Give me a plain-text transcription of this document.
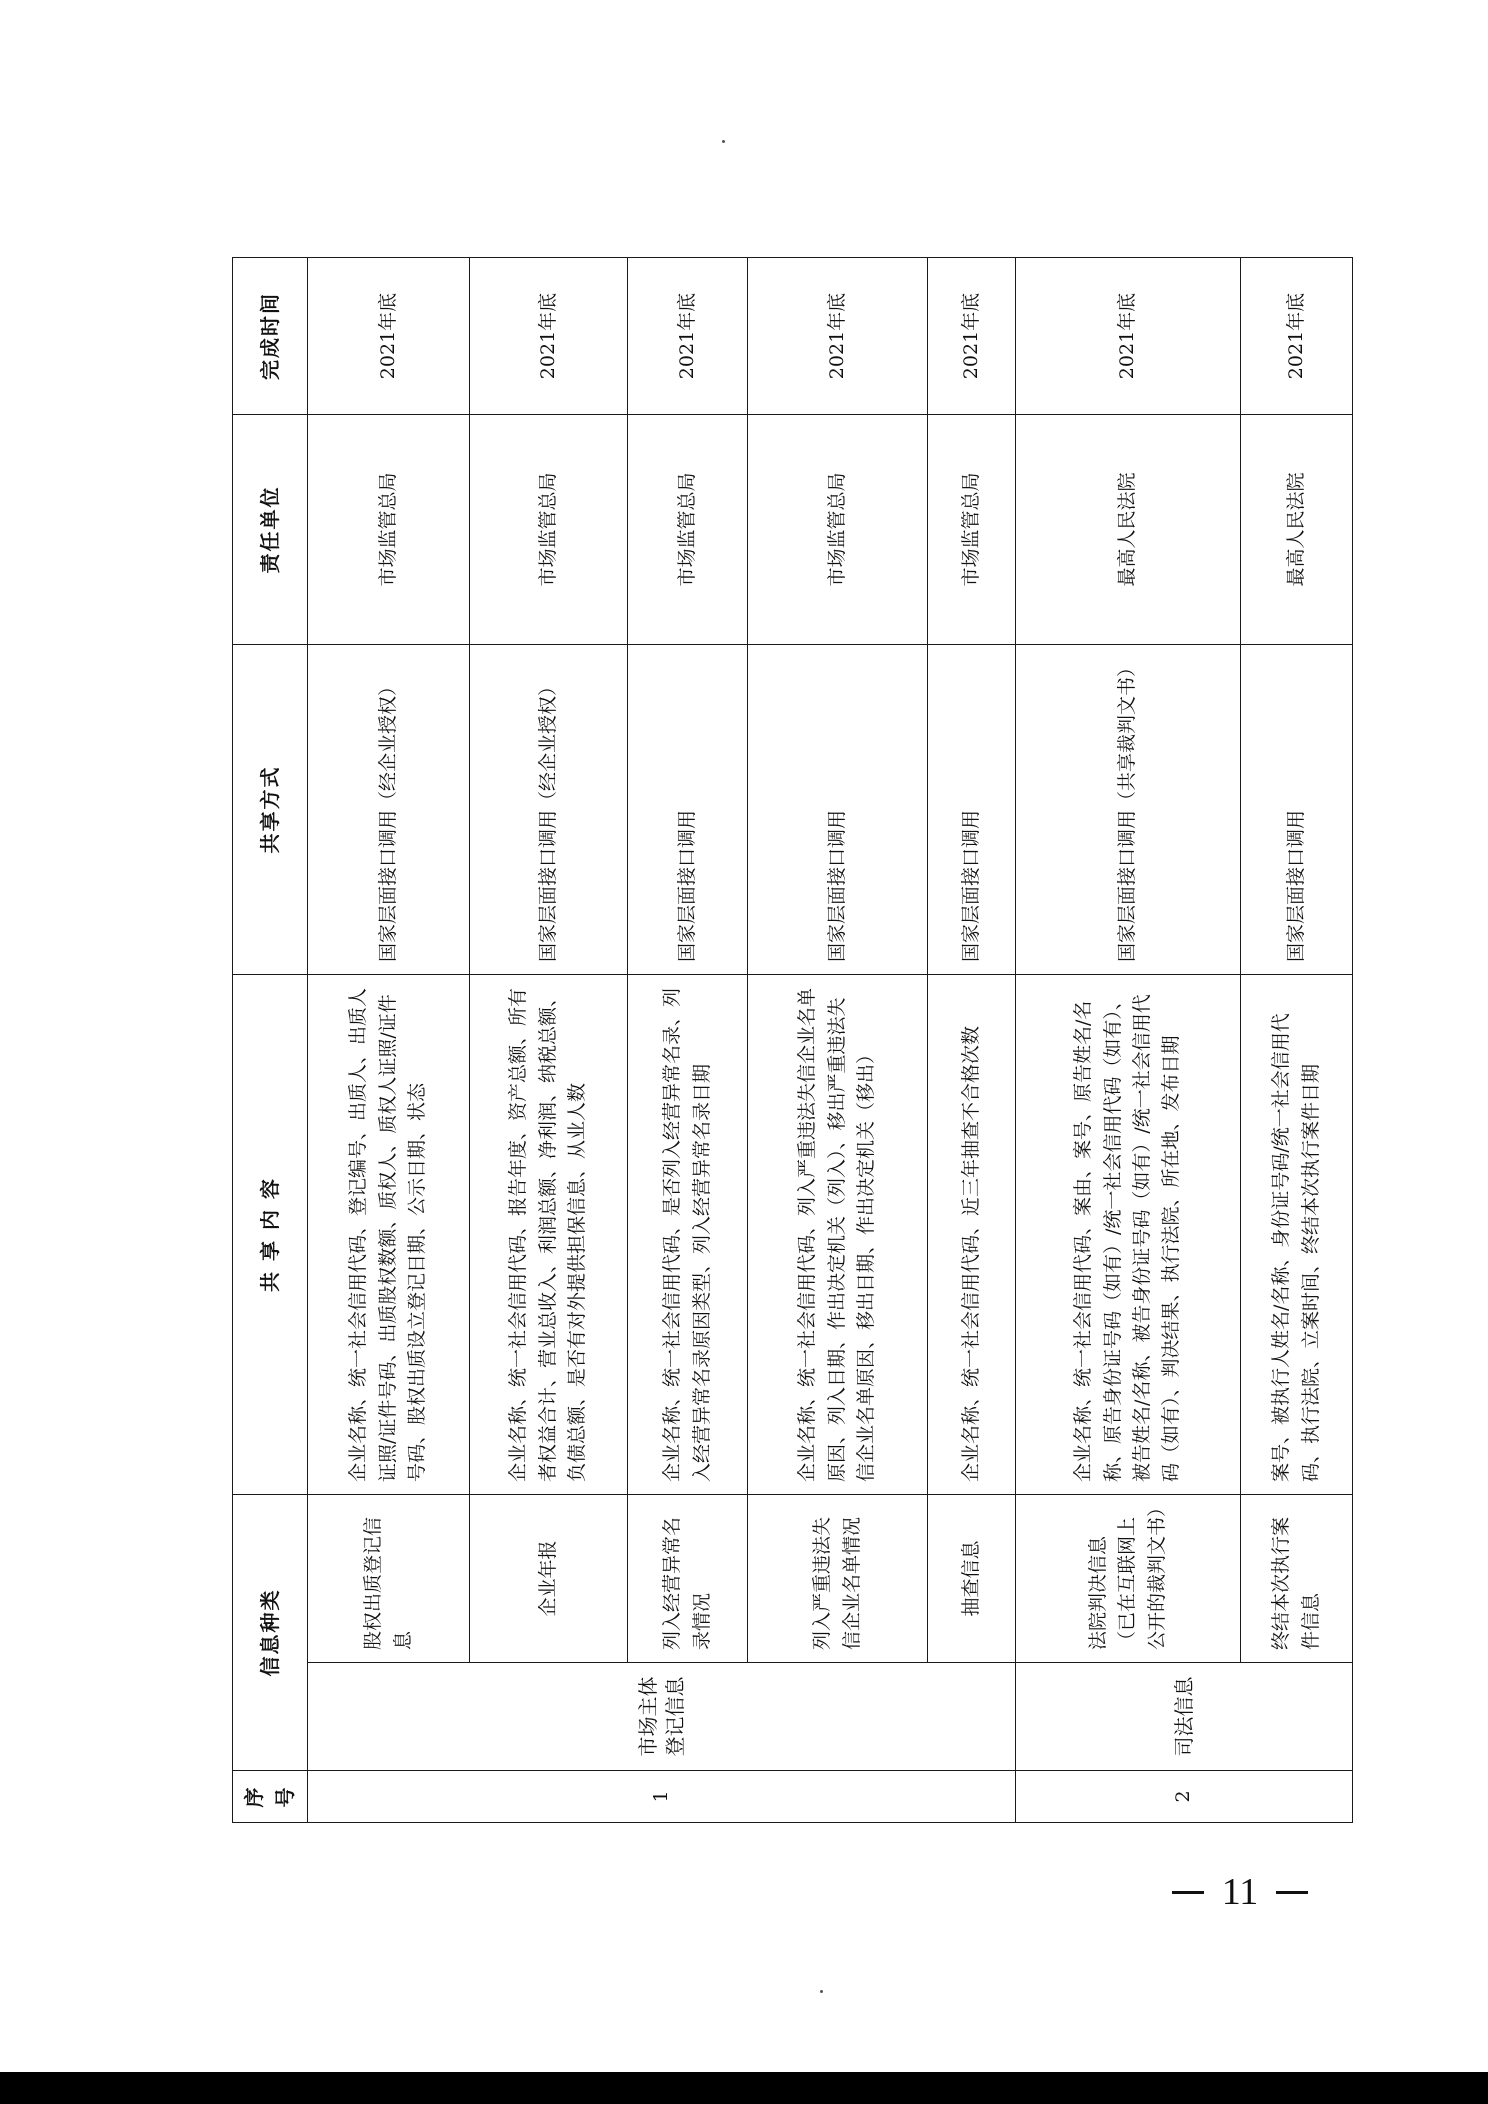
序号	信息种类		共 享 内 容	共享方式	责任单位	完成时间
1	市场主体登记信息	股权出质登记信息	企业名称、统一社会信用代码、登记编号、出质人、出质人证照/证件号码、出质股权数额、质权人、质权人证照/证件号码、股权出质设立登记日期、公示日期、状态	国家层面接口调用（经企业授权）	市场监管总局	2021年底
		企业年报	企业名称、统一社会信用代码、报告年度、资产总额、所有者权益合计、营业总收入、利润总额、净利润、纳税总额、负债总额、是否有对外提供担保信息、从业人数	国家层面接口调用（经企业授权）	市场监管总局	2021年底
		列入经营异常名录情况	企业名称、统一社会信用代码、是否列入经营异常名录、列入经营异常名录原因类型、列入经营异常名录日期	国家层面接口调用	市场监管总局	2021年底
		列入严重违法失信企业名单情况	企业名称、统一社会信用代码、列入严重违法失信企业名单原因、列入日期、作出决定机关（列入）、移出严重违法失信企业名单原因、移出日期、作出决定机关（移出）	国家层面接口调用	市场监管总局	2021年底
		抽查信息	企业名称、统一社会信用代码、近三年抽查不合格次数	国家层面接口调用	市场监管总局	2021年底
2	司法信息	法院判决信息（已在互联网上公开的裁判文书）	企业名称、统一社会信用代码、案由、案号、原告姓名/名称、原告身份证号码（如有）/统一社会信用代码（如有）、被告姓名/名称、被告身份证号码（如有）/统一社会信用代码（如有）、判决结果、执行法院、所在地、发布日期	国家层面接口调用（共享裁判文书）	最高人民法院	2021年底
		终结本次执行案件信息	案号、被执行人姓名/名称、身份证号码/统一社会信用代码、执行法院、立案时间、终结本次执行案件日期	国家层面接口调用	最高人民法院	2021年底
11
